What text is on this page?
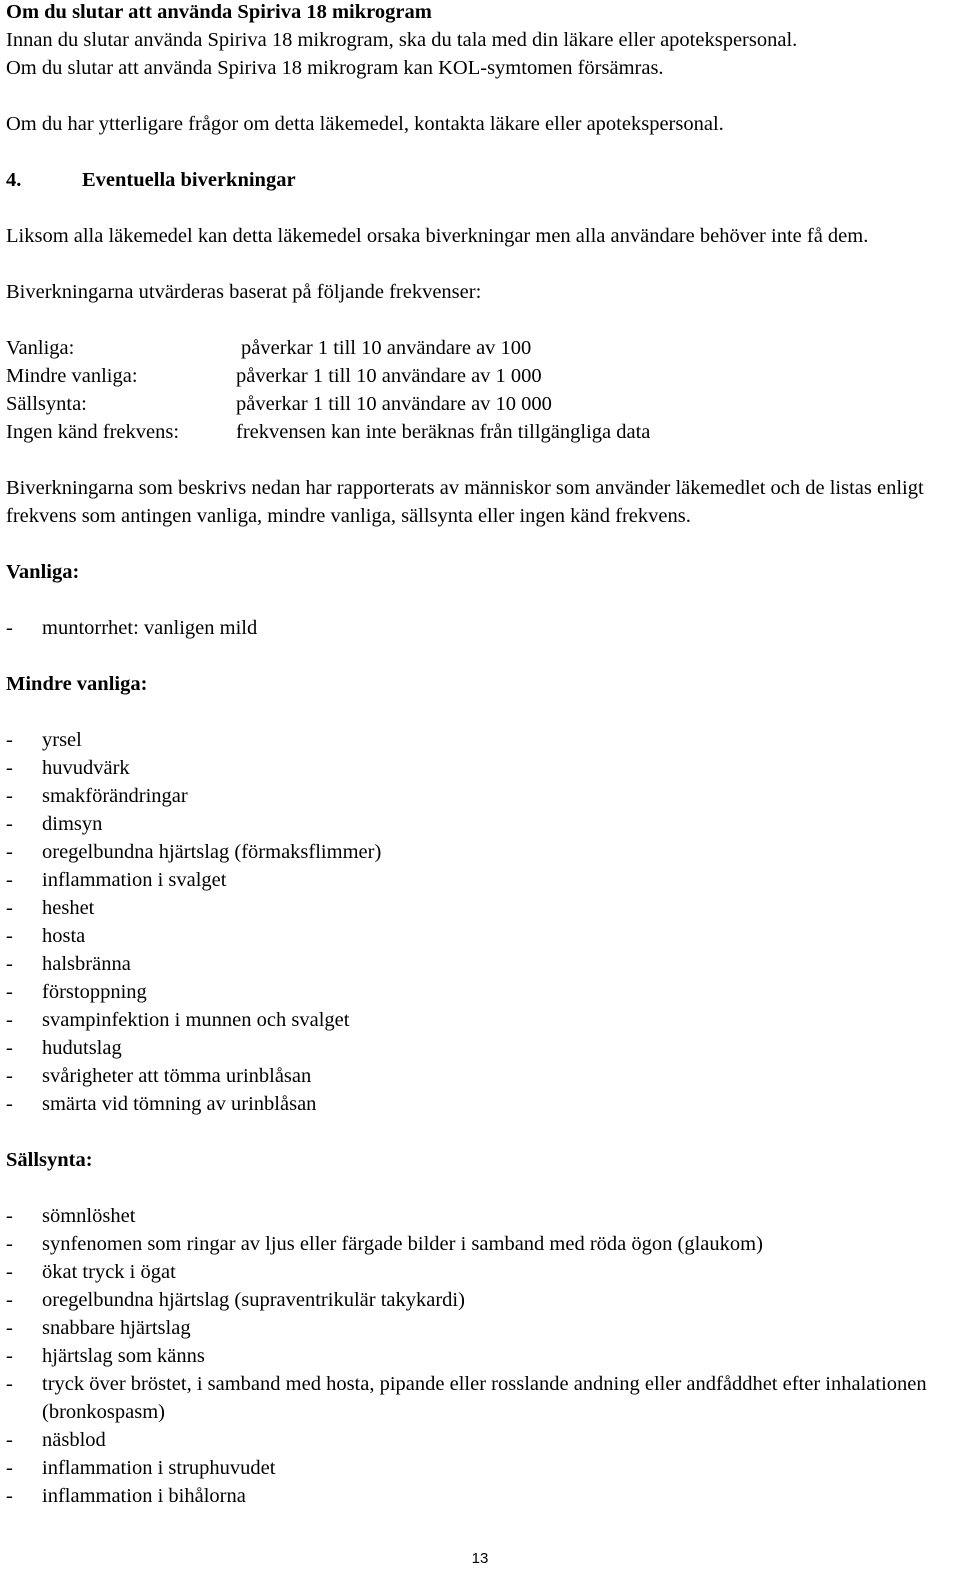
Om du slutar att använda Spiriva 18 mikrogram

Innan du slutar använda Spiriva 18 mikrogram, ska du tala med din läkare eller apotekspersonal.

Om du slutar att använda Spiriva 18 mikrogram kan KOL-symtomen försämras.

Om du har ytterligare frågor om detta läkemedel, kontakta läkare eller apotekspersonal.

4.	Eventuella biverkningar

Liksom alla läkemedel kan detta läkemedel orsaka biverkningar men alla användare behöver inte få dem.

Biverkningarna utvärderas baserat på följande frekvenser:

Vanliga:	påverkar 1 till 10 användare av 100
Mindre vanliga:	påverkar 1 till 10 användare av 1 000
Sällsynta:	påverkar 1 till 10 användare av 10 000
Ingen känd frekvens:	frekvensen kan inte beräknas från tillgängliga data

Biverkningarna som beskrivs nedan har rapporterats av människor som använder läkemedlet och de listas enligt frekvens som antingen vanliga, mindre vanliga, sällsynta eller ingen känd frekvens.

Vanliga:

-	muntorrhet: vanligen mild

Mindre vanliga:

-	yrsel
-	huvudvärk
-	smakförändringar
-	dimsyn
-	oregelbundna hjärtslag (förmaksflimmer)
-	inflammation i svalget
-	heshet
-	hosta
-	halsbränna
-	förstoppning
-	svampinfektion i munnen och svalget
-	hudutslag
-	svårigheter att tömma urinblåsan
-	smärta vid tömning av urinblåsan

Sällsynta:

-	sömnlöshet
-	synfenomen som ringar av ljus eller färgade bilder i samband med röda ögon (glaukom)
-	ökat tryck i ögat
-	oregelbundna hjärtslag (supraventrikulär takykardi)
-	snabbare hjärtslag
-	hjärtslag som känns
-	tryck över bröstet, i samband med hosta, pipande eller rosslande andning eller andfåddhet efter inhalationen (bronkospasm)
-	näsblod
-	inflammation i struphuvudet
-	inflammation i bihålorna
13
